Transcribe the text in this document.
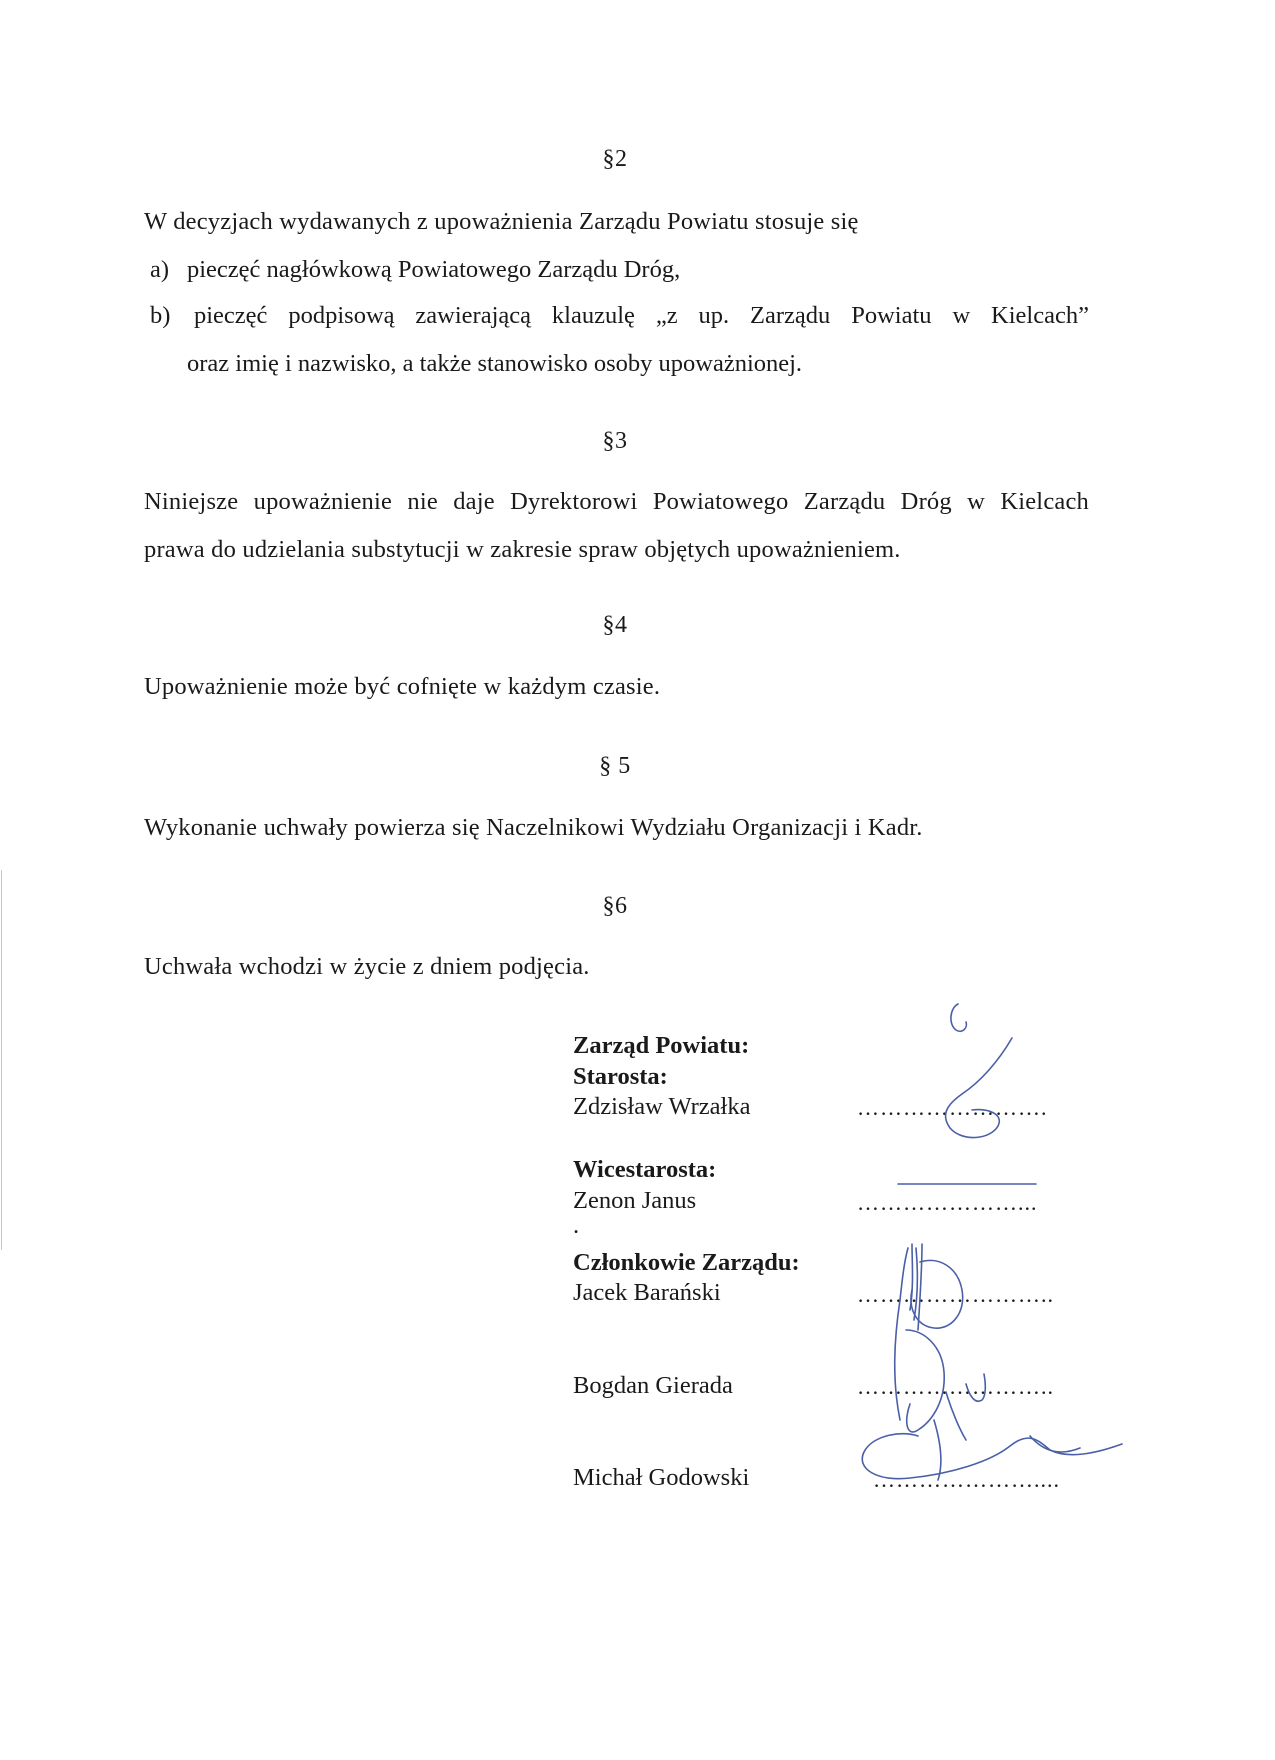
§2
W decyzjach wydawanych z upoważnienia Zarządu Powiatu stosuje się
a) pieczęć nagłówkową Powiatowego Zarządu Dróg,
b) pieczęć podpisową zawierającą klauzulę „z up. Zarządu Powiatu w Kielcach”
oraz imię i nazwisko, a także stanowisko osoby upoważnionej.
§3
Niniejsze upoważnienie nie daje Dyrektorowi Powiatowego Zarządu Dróg w Kielcach
prawa do udzielania substytucji w zakresie spraw objętych upoważnieniem.
§4
Upoważnienie może być cofnięte w każdym czasie.
§ 5
Wykonanie uchwały powierza się Naczelnikowi Wydziału Organizacji i Kadr.
§6
Uchwała wchodzi w życie z dniem podjęcia.
Zarząd Powiatu:
Starosta:
Zdzisław Wrzałka	…………………….
Wicestarosta:
Zenon Janus	…………………...
.
Członkowie Zarządu:
Jacek Barański	……………………..
Bogdan Gierada	……………………..
Michał Godowski	…………………....
